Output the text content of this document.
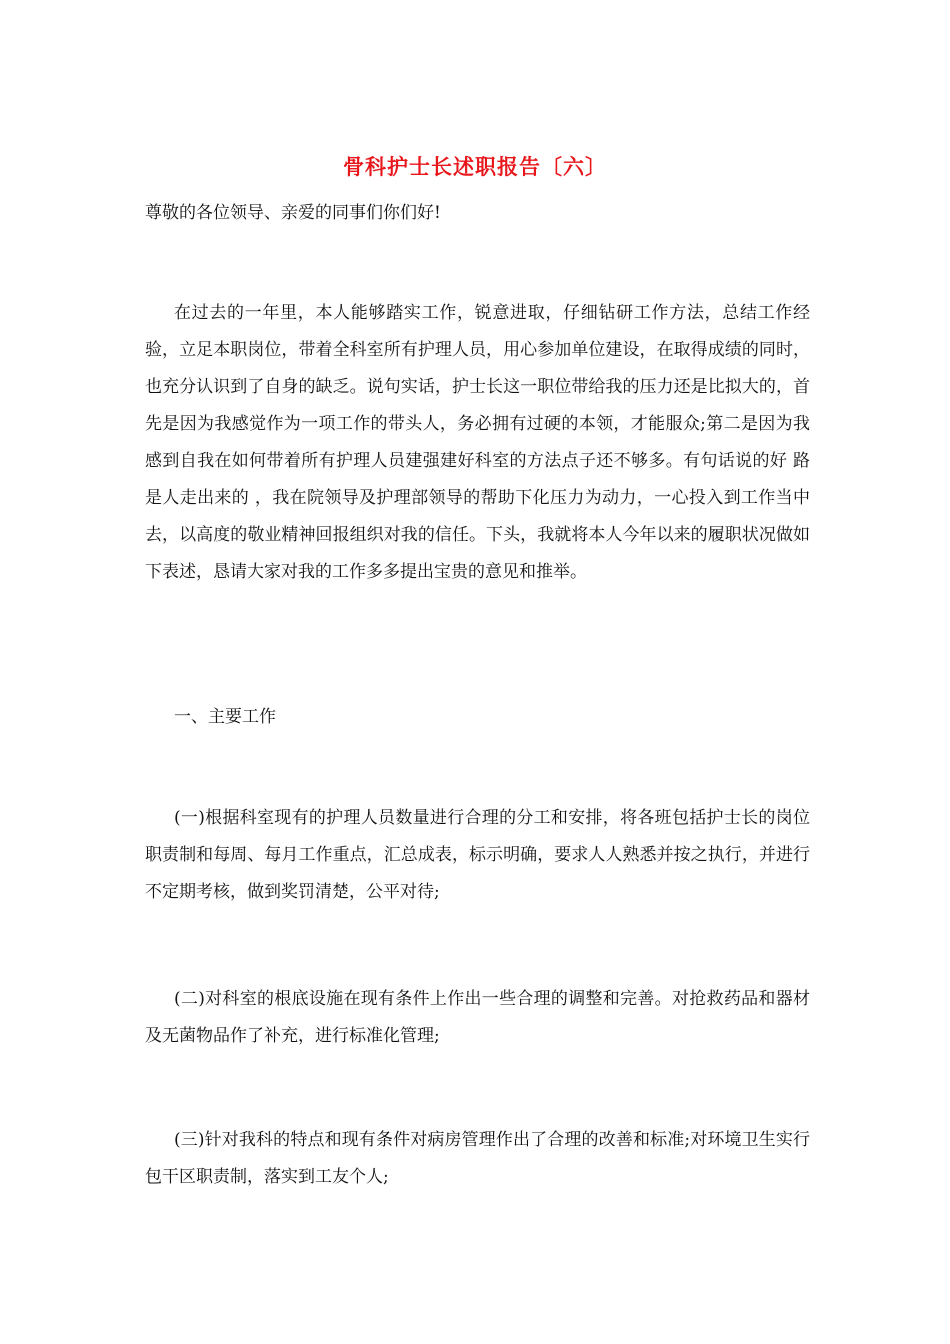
骨科护士长述职报告〔六〕
尊敬的各位领导、亲爱的同事们你们好!

在过去的一年里，本人能够踏实工作，锐意进取，仔细钻研工作方法，总结工作经验，立足本职岗位，带着全科室所有护理人员，用心参加单位建设，在取得成绩的同时，也充分认识到了自身的缺乏。说句实话，护士长这一职位带给我的压力还是比拟大的，首先是因为我感觉作为一项工作的带头人，务必拥有过硬的本领，才能服众;第二是因为我感到自我在如何带着所有护理人员建强建好科室的方法点子还不够多。有句话说的好 路是人走出来的 ，我在院领导及护理部领导的帮助下化压力为动力，一心投入到工作当中去，以高度的敬业精神回报组织对我的信任。下头，我就将本人今年以来的履职状况做如下表述，恳请大家对我的工作多多提出宝贵的意见和推举。

一、主要工作

(一)根据科室现有的护理人员数量进行合理的分工和安排，将各班包括护士长的岗位职责制和每周、每月工作重点，汇总成表，标示明确，要求人人熟悉并按之执行，并进行不定期考核，做到奖罚清楚，公平对待;

(二)对科室的根底设施在现有条件上作出一些合理的调整和完善。对抢救药品和器材及无菌物品作了补充，进行标准化管理;

(三)针对我科的特点和现有条件对病房管理作出了合理的改善和标准;对环境卫生实行包干区职责制，落实到工友个人;
